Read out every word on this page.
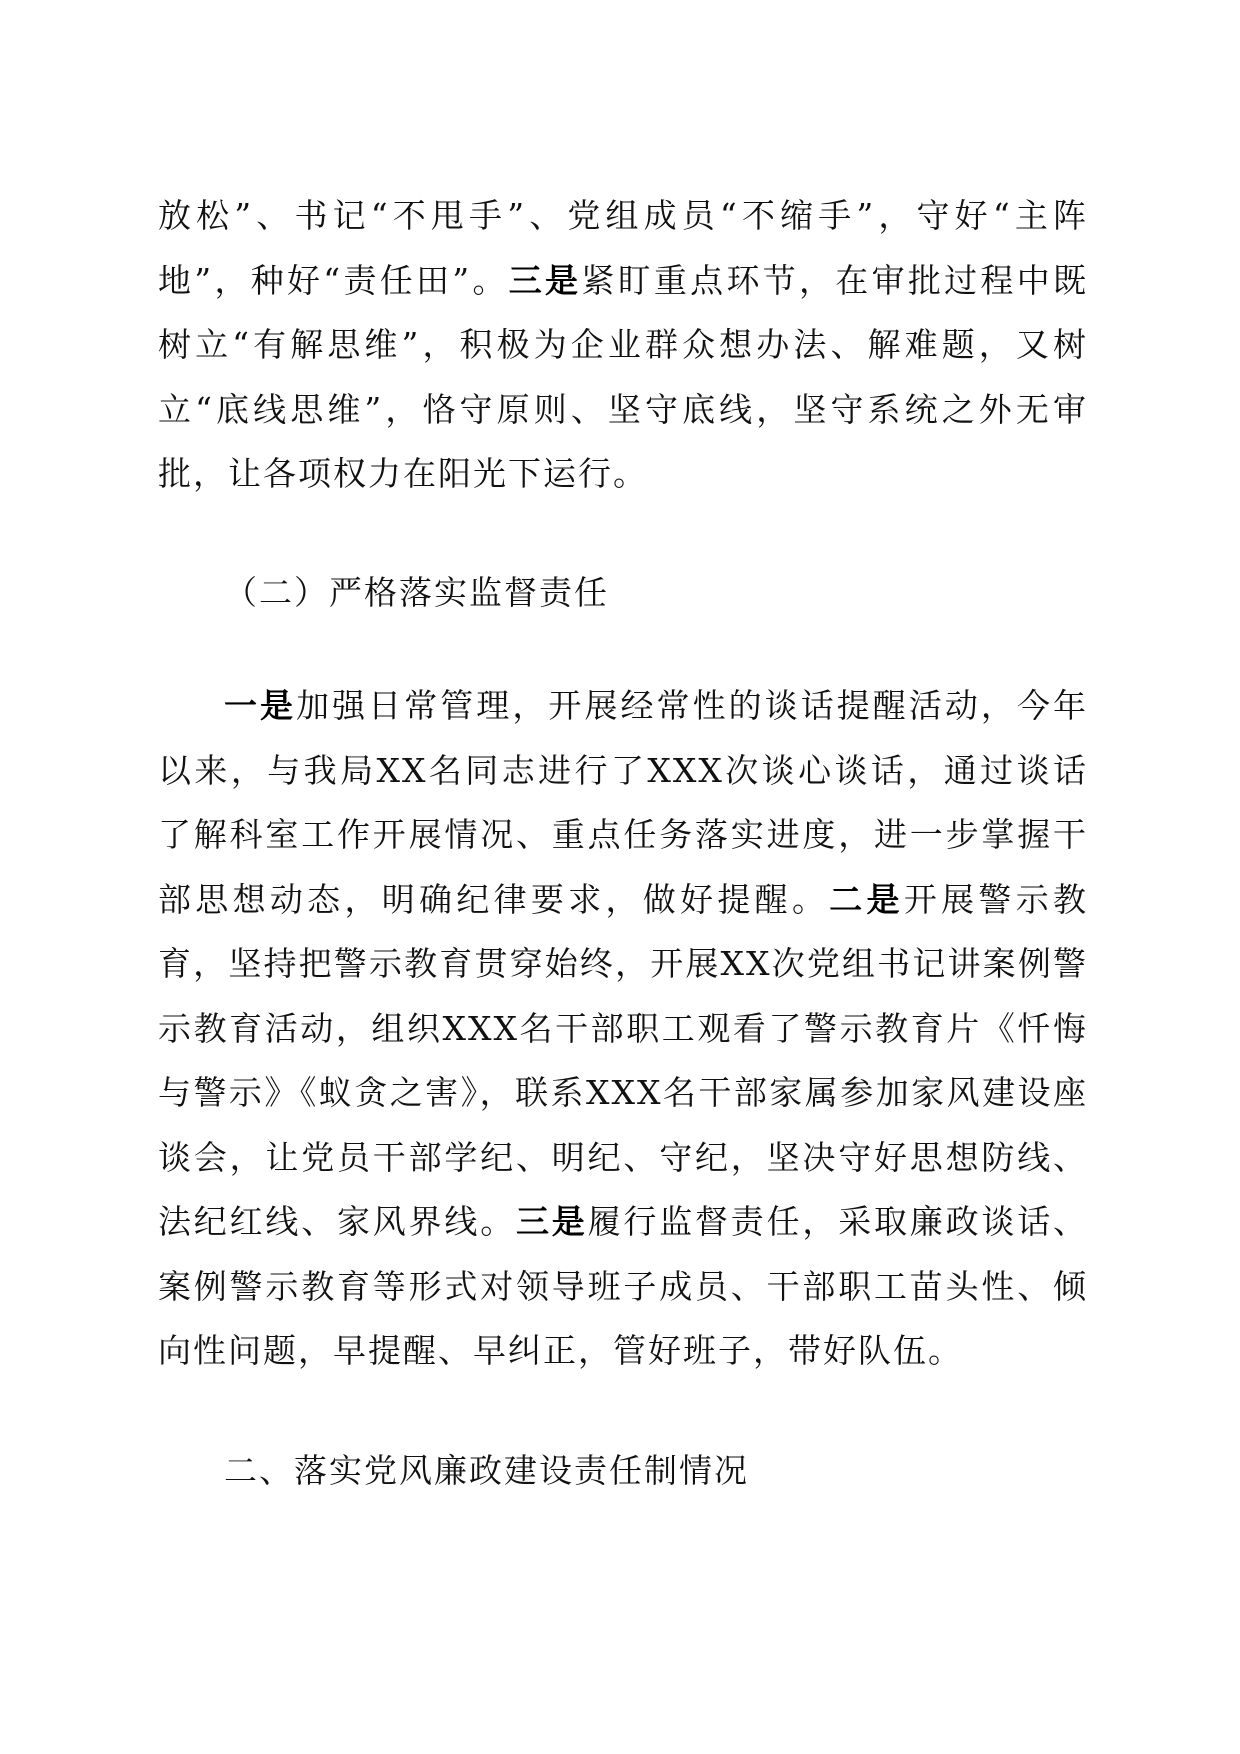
放松”、书记“不甩手”、党组成员“不缩手”，守好“主阵地”，种好“责任田”。三是紧盯重点环节，在审批过程中既树立“有解思维”，积极为企业群众想办法、解难题，又树立“底线思维”，恪守原则、坚守底线，坚守系统之外无审批，让各项权力在阳光下运行。

（二）严格落实监督责任

一是加强日常管理，开展经常性的谈话提醒活动，今年以来，与我局XX名同志进行了XXX次谈心谈话，通过谈话了解科室工作开展情况、重点任务落实进度，进一步掌握干部思想动态，明确纪律要求，做好提醒。二是开展警示教育，坚持把警示教育贯穿始终，开展XX次党组书记讲案例警示教育活动，组织XXX名干部职工观看了警示教育片《忏悔与警示》《蚁贪之害》，联系XXX名干部家属参加家风建设座谈会，让党员干部学纪、明纪、守纪，坚决守好思想防线、法纪红线、家风界线。三是履行监督责任，采取廉政谈话、案例警示教育等形式对领导班子成员、干部职工苗头性、倾向性问题，早提醒、早纠正，管好班子，带好队伍。

二、落实党风廉政建设责任制情况
